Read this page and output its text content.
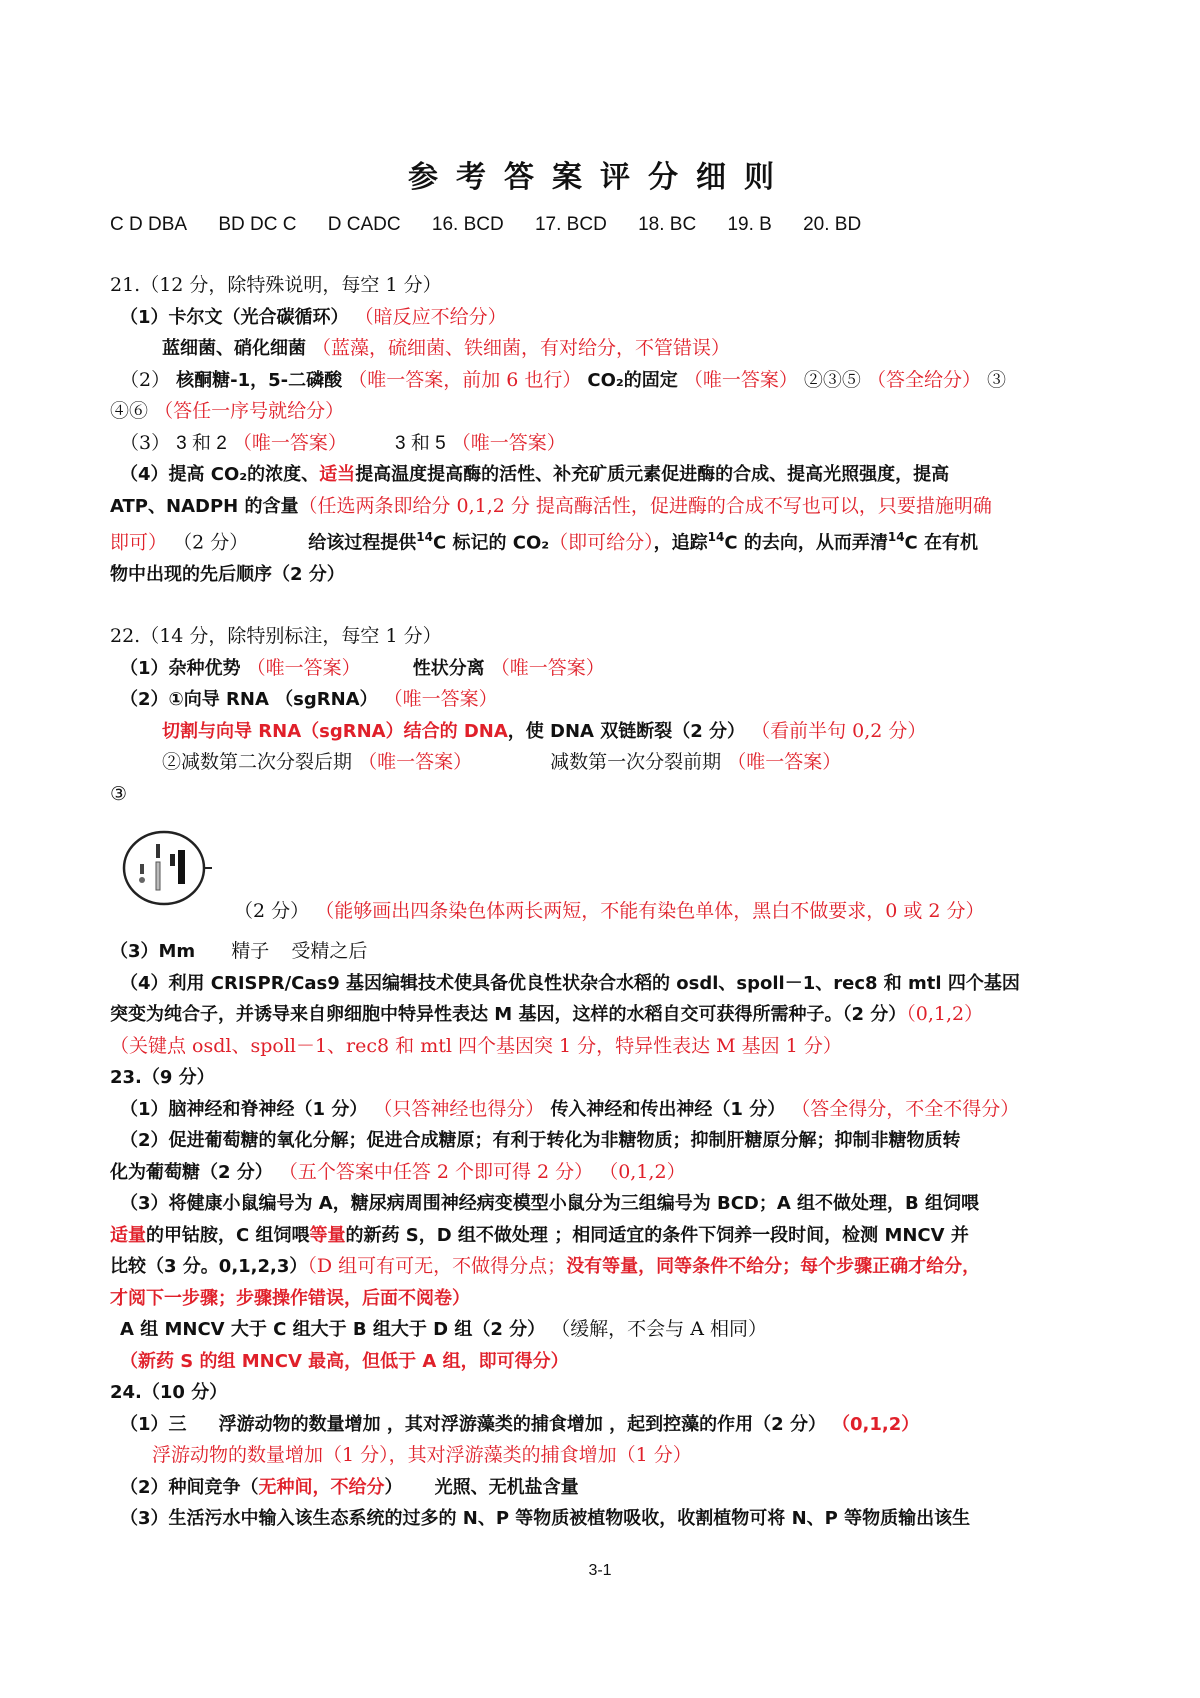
参考答案评分细则
C D DBA BD DC C D CADC 16. BCD 17. BCD 18. BC 19. B 20. BD
21.（12 分，除特殊说明，每空 1 分）
（1）卡尔文（光合碳循环） （暗反应不给分）
蓝细菌、硝化细菌 （蓝藻，硫细菌、铁细菌，有对给分，不管错误）
（2） 核酮糖-1，5-二磷酸 （唯一答案，前加 6 也行） CO₂的固定 （唯一答案） ②③⑤ （答全给分） ③
④⑥ （答任一序号就给分）
（3） 3 和 2 （唯一答案）	3 和 5 （唯一答案）
（4）提高 CO₂的浓度、适当提高温度提高酶的活性、补充矿质元素促进酶的合成、提高光照强度，提高
ATP、NADPH 的含量（任选两条即给分 0,1,2 分 提高酶活性，促进酶的合成不写也可以，只要措施明确
即可） （2 分）	给该过程提供$^{14}$C 标记的 CO₂（即可给分），追踪$^{14}$C 的去向，从而弄清$^{14}$C 在有机
物中出现的先后顺序（2 分）
22.（14 分，除特别标注，每空 1 分）
（1）杂种优势 （唯一答案）	性状分离 （唯一答案）
（2）①向导 RNA （sgRNA） （唯一答案）
切割与向导 RNA（sgRNA）结合的 DNA，使 DNA 双链断裂（2 分） （看前半句 0,2 分）
②减数第二次分裂后期 （唯一答案）	减数第一次分裂前期 （唯一答案）
③
（3）Mm 精子 受精之后
（4）利用 CRISPR/Cas9 基因编辑技术使具备优良性状杂合水稻的 osdl、spoll－1、rec8 和 mtl 四个基因
突变为纯合子，并诱导来自卵细胞中特异性表达 M 基因，这样的水稻自交可获得所需种子。（2 分）（0,1,2）
（关键点 osdl、spoll－1、rec8 和 mtl 四个基因突 1 分，特异性表达 M 基因 1 分）
23.（9 分）
（1）脑神经和脊神经（1 分） （只答神经也得分） 传入神经和传出神经（1 分） （答全得分，不全不得分）
（2）促进葡萄糖的氧化分解；促进合成糖原；有利于转化为非糖物质；抑制肝糖原分解；抑制非糖物质转
化为葡萄糖（2 分） （五个答案中任答 2 个即可得 2 分） （0,1,2）
（3）将健康小鼠编号为 A，糖尿病周围神经病变模型小鼠分为三组编号为 BCD；A 组不做处理，B 组饲喂
适量的甲钴胺，C 组饲喂等量的新药 S，D 组不做处理 ；相同适宜的条件下饲养一段时间，检测 MNCV 并
比较（3 分。0,1,2,3）（D 组可有可无，不做得分点；没有等量，同等条件不给分；每个步骤正确才给分，
才阅下一步骤；步骤操作错误，后面不阅卷）
A 组 MNCV 大于 C 组大于 B 组大于 D 组（2 分） （缓解，不会与 A 相同）
（新药 S 的组 MNCV 最高，但低于 A 组，即可得分）
24.（10 分）
（1）三 浮游动物的数量增加 ，其对浮游藻类的捕食增加 ，起到控藻的作用（2 分） （0,1,2）
浮游动物的数量增加（1 分），其对浮游藻类的捕食增加（1 分）
（2）种间竞争（无种间，不给分） 光照、无机盐含量
（3）生活污水中输入该生态系统的过多的 N、P 等物质被植物吸收，收割植物可将 N、P 等物质输出该生
（2 分） （能够画出四条染色体两长两短，不能有染色单体，黑白不做要求，0 或 2 分）
3-1
